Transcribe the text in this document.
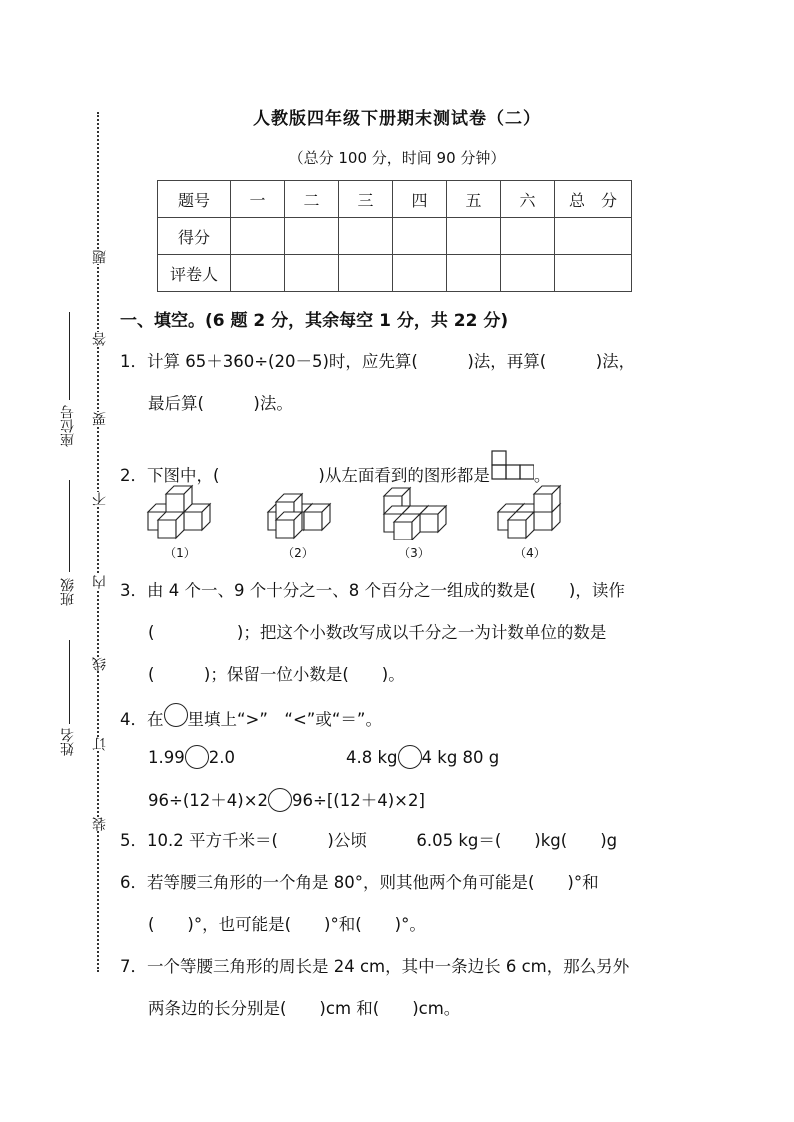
座位号
班级
姓名
题
答
要
不
内
线
订
装
人教版四年级下册期末测试卷（二）
（总分 100 分，时间 90 分钟）
题号	一	二	三	四	五	六	总　分
得分							
评卷人							
一、填空。(6 题 2 分，其余每空 1 分，共 22 分)
1．计算 65＋360÷(20－5)时，应先算(　　　)法，再算(　　　)法，
最后算(　　　)法。
2．下图中，(　　　　　　)从左面看到的图形都是	。
（1）	（2）	（3）	（4）
3．由 4 个一、9 个十分之一、8 个百分之一组成的数是(　　)，读作
(　　　　　)；把这个小数改写成以千分之一为计数单位的数是
(　　　)；保留一位小数是(　　)。
4．在 里填上“>”　“<”或“＝”。
1.99 2.0	4.8 kg 4 kg 80 g
96÷(12＋4)×2 96÷[(12＋4)×2]
5．10.2 平方千米＝(　　　)公顷　　　6.05 kg＝(　　)kg(　　)g
6．若等腰三角形的一个角是 80°，则其他两个角可能是(　　)°和
(　　)°，也可能是(　　)°和(　　)°。
7．一个等腰三角形的周长是 24 cm，其中一条边长 6 cm，那么另外
两条边的长分别是(　　)cm 和(　　)cm。
